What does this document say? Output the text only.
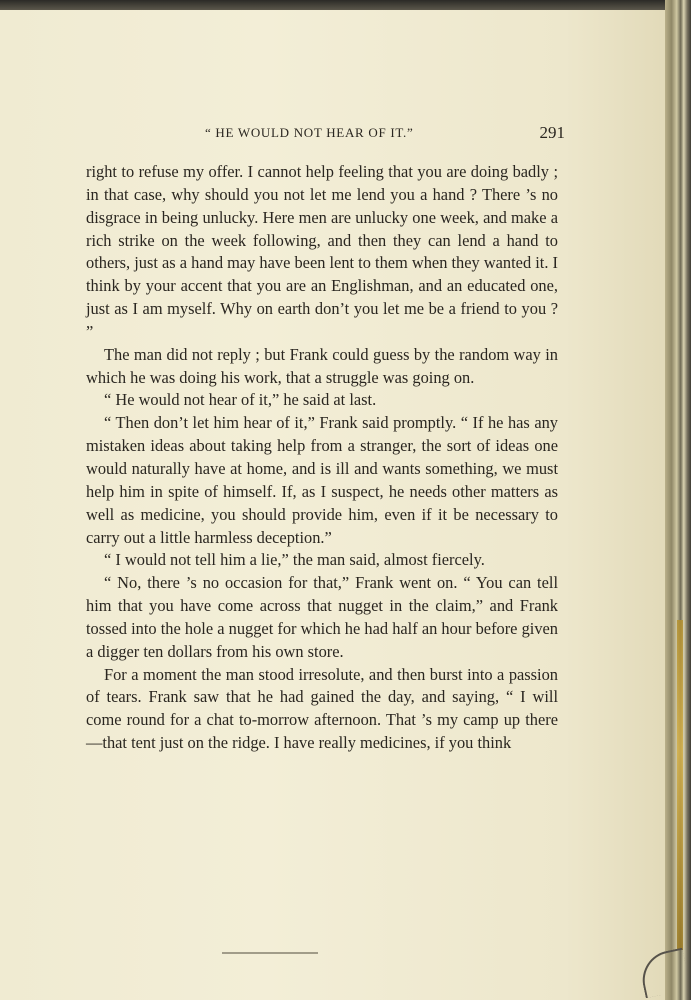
“ HE WOULD NOT HEAR OF IT.”	291

right to refuse my offer. I cannot help feeling that you are doing badly ; in that case, why should you not let me lend you a hand ? There ’s no disgrace in being unlucky. Here men are unlucky one week, and make a rich strike on the week following, and then they can lend a hand to others, just as a hand may have been lent to them when they wanted it. I think by your accent that you are an Englishman, and an educated one, just as I am myself. Why on earth don’t you let me be a friend to you ? ”

The man did not reply ; but Frank could guess by the random way in which he was doing his work, that a struggle was going on.

“ He would not hear of it,” he said at last.

“ Then don’t let him hear of it,” Frank said promptly. “ If he has any mistaken ideas about taking help from a stranger, the sort of ideas one would naturally have at home, and is ill and wants something, we must help him in spite of himself. If, as I suspect, he needs other matters as well as medicine, you should provide him, even if it be necessary to carry out a little harmless deception.”

“ I would not tell him a lie,” the man said, almost fiercely.

“ No, there ’s no occasion for that,” Frank went on. “ You can tell him that you have come across that nugget in the claim,” and Frank tossed into the hole a nugget for which he had half an hour before given a digger ten dollars from his own store.

For a moment the man stood irresolute, and then burst into a passion of tears. Frank saw that he had gained the day, and saying, “ I will come round for a chat to-morrow afternoon. That ’s my camp up there—that tent just on the ridge. I have really medicines, if you think
